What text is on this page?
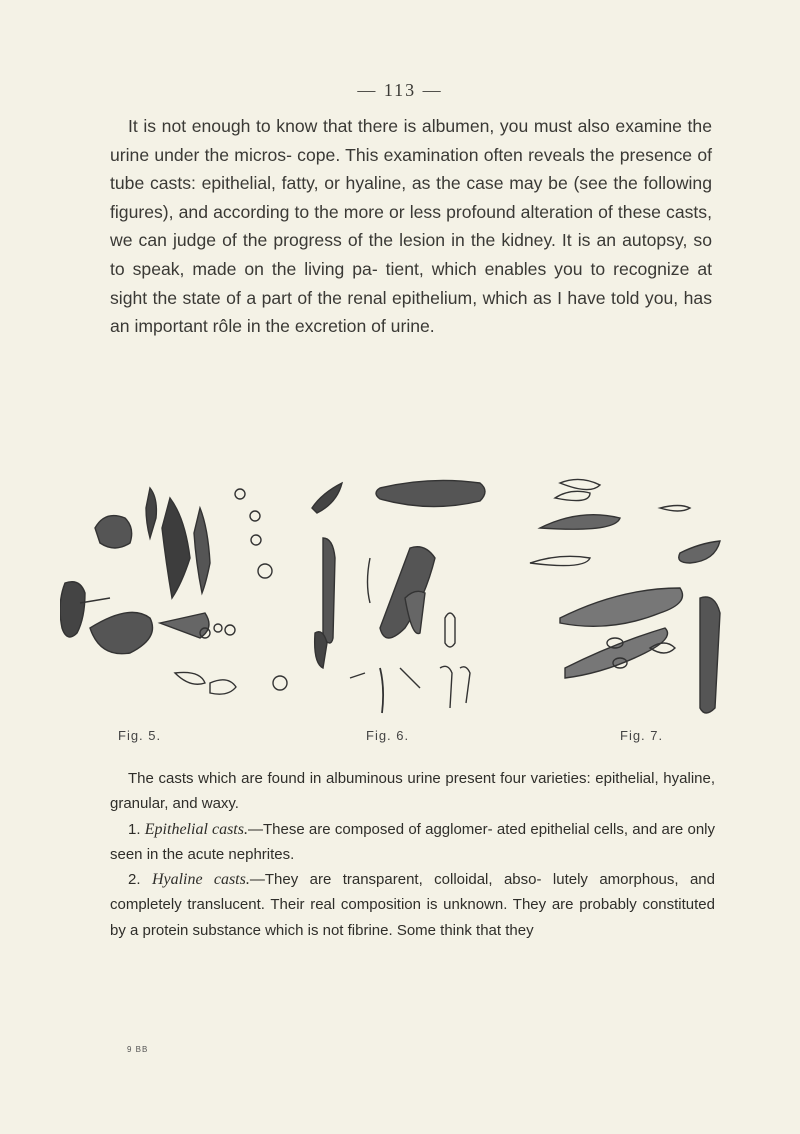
— 113 —
It is not enough to know that there is albumen, you must also examine the urine under the micros- cope. This examination often reveals the presence of tube casts: epithelial, fatty, or hyaline, as the case may be (see the following figures), and according to the more or less profound alteration of these casts, we can judge of the progress of the lesion in the kidney. It is an autopsy, so to speak, made on the living pa- tient, which enables you to recognize at sight the state of a part of the renal epithelium, which as I have told you, has an important rôle in the excretion of urine.
Fig. 5.	Fig. 6.	Fig. 7.

The casts which are found in albuminous urine present four varieties: epithelial, hyaline, granular, and waxy.

1. Epithelial casts.—These are composed of agglomer- ated epithelial cells, and are only seen in the acute nephrites.

2. Hyaline casts.—They are transparent, colloidal, abso- lutely amorphous, and completely translucent. Their real composition is unknown. They are probably constituted by a protein substance which is not fibrine. Some think that they

9 BB
